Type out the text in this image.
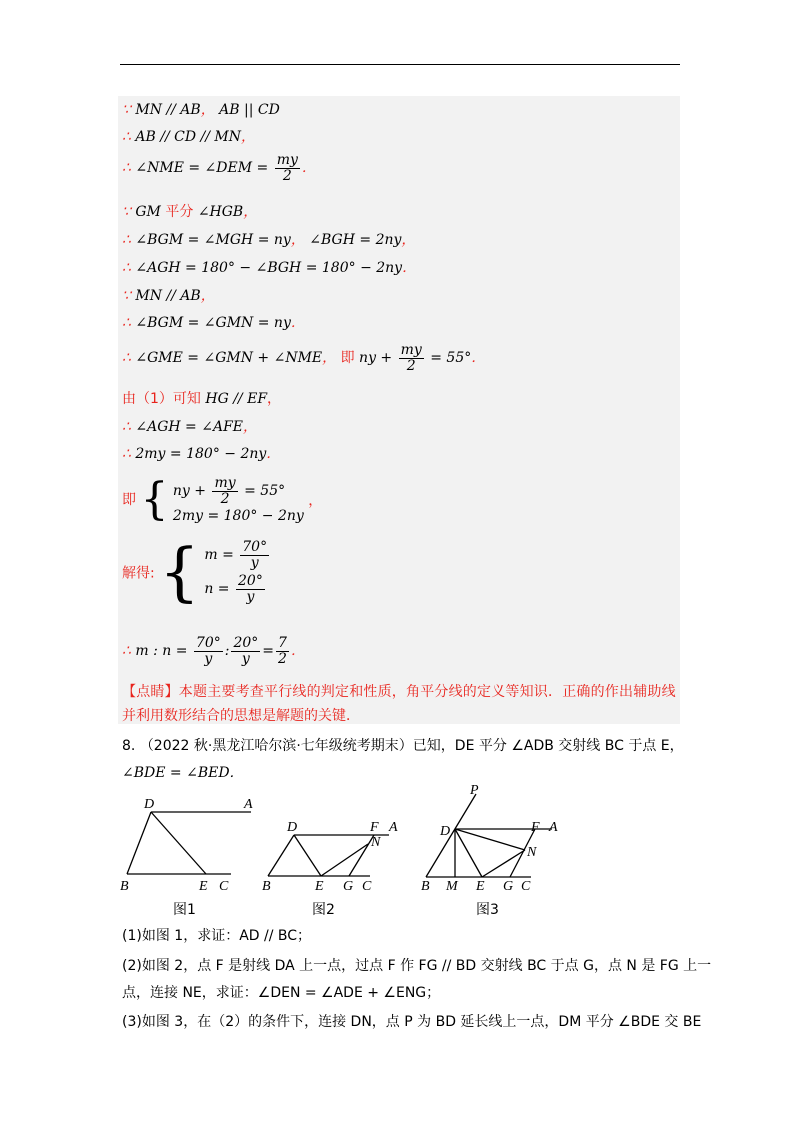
∵ MN // AB， AB || CD
∴ AB // CD // MN，
∴ ∠NME = ∠DEM = $\frac{my}{2}$ ．
∵ GM 平分 ∠HGB，
∴ ∠BGM = ∠MGH = ny， ∠BGH = 2ny，
∴ ∠AGH = 180° − ∠BGH = 180° − 2ny．
∵ MN // AB，
∴ ∠BGM = ∠GMN = ny．
∴ ∠GME = ∠GMN + ∠NME， 即 ny + $\frac{my}{2} = 55^\circ$．
由（1）可知 HG // EF，
∴ ∠AGH = ∠AFE，
∴ 2my = 180° − 2ny．
即 { ny + $\frac{my}{2} = 55^\circ$
2my = 180° − 2ny
，
解得: { $m = \frac{70^\circ}{y}$
$n = \frac{20^\circ}{y}$
∴ m : $n = \frac{70^\circ}{y}$ : $\frac{20^\circ}{y} = \frac{7}{2}$ ．
【点睛】本题主要考查平行线的判定和性质，角平分线的定义等知识．正确的作出辅助线
并利用数形结合的思想是解题的关键．
8. （2022 秋·黑龙江哈尔滨·七年级统考期末）已知，DE 平分 ∠ADB 交射线 BC 于点 E，
∠BDE = ∠BED．
D	A
B	E C
D	F A
N
B	E G C
P
D	F A
N
B M E G C
图1	图2	图3
(1)如图 1，求证：AD // BC；
(2)如图 2，点 F 是射线 DA 上一点，过点 F 作 FG // BD 交射线 BC 于点 G，点 N 是 FG 上一
点，连接 NE，求证：∠DEN = ∠ADE + ∠ENG；
(3)如图 3，在（2）的条件下，连接 DN，点 P 为 BD 延长线上一点，DM 平分 ∠BDE 交 BE
